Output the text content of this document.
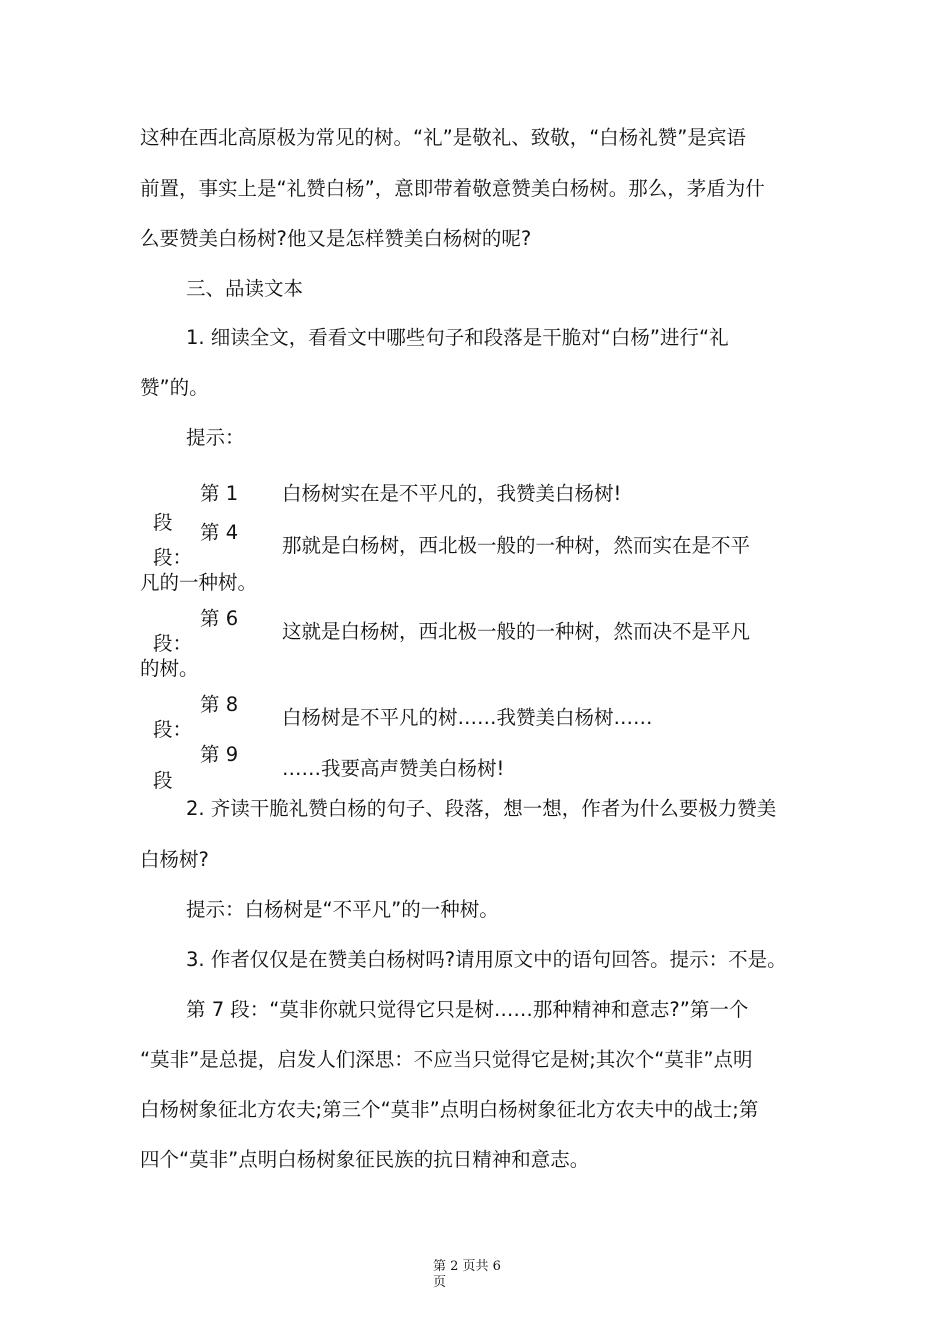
这种在西北高原极为常见的树。“礼”是敬礼、致敬，“白杨礼赞”是宾语
前置，事实上是“礼赞白杨”，意即带着敬意赞美白杨树。那么，茅盾为什
么要赞美白杨树?他又是怎样赞美白杨树的呢?
三、品读文本
1. 细读全文，看看文中哪些句子和段落是干脆对“白杨”进行“礼
赞”的。
提示：
第 1 白杨树实在是不平凡的，我赞美白杨树!
段 第 4
那就是白杨树，西北极一般的一种树，然而实在是不平
段：
凡的一种树。
第 6
这就是白杨树，西北极一般的一种树，然而决不是平凡
段：
的树。
第 8
白杨树是不平凡的树……我赞美白杨树……
段：
第 9
……我要高声赞美白杨树!
段
2. 齐读干脆礼赞白杨的句子、段落，想一想，作者为什么要极力赞美
白杨树?
提示：白杨树是“不平凡”的一种树。
3. 作者仅仅是在赞美白杨树吗?请用原文中的语句回答。提示：不是。
第 7 段：“莫非你就只觉得它只是树……那种精神和意志?”第一个
“莫非”是总提，启发人们深思：不应当只觉得它是树;其次个“莫非”点明
白杨树象征北方农夫;第三个“莫非”点明白杨树象征北方农夫中的战士;第
四个“莫非”点明白杨树象征民族的抗日精神和意志。
第 2 页共 6
页
